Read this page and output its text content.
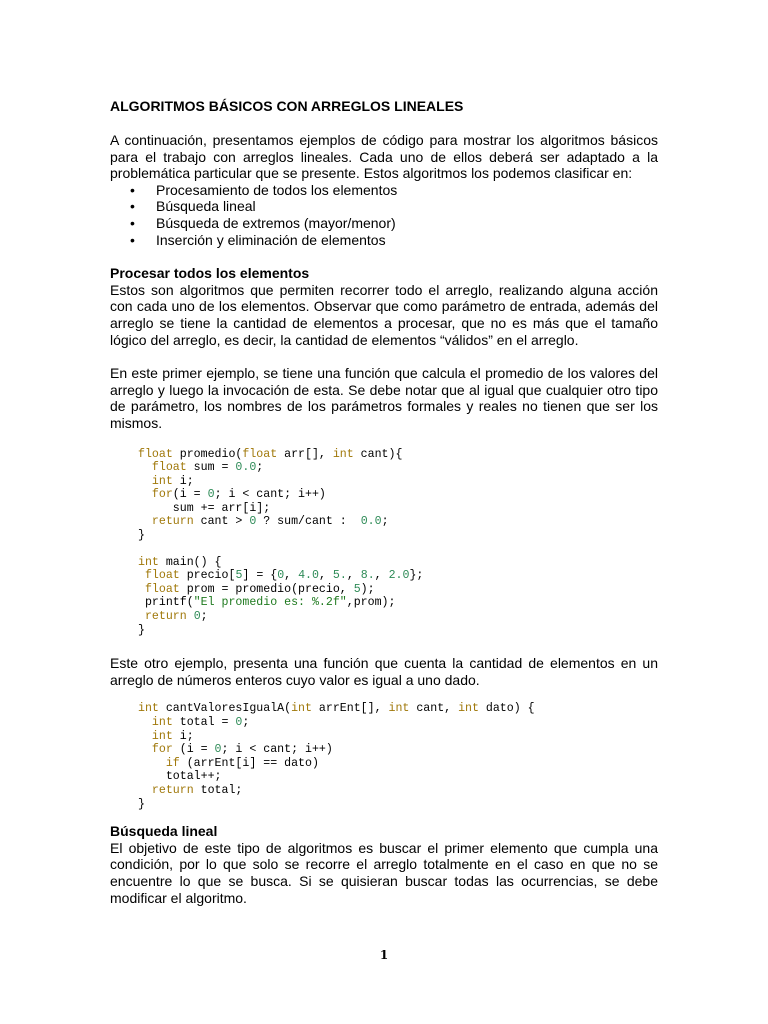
ALGORITMOS BÁSICOS CON ARREGLOS LINEALES

A continuación, presentamos ejemplos de código para mostrar los algoritmos básicos para el trabajo con arreglos lineales. Cada uno de ellos deberá ser adaptado a la problemática particular que se presente. Estos algoritmos los podemos clasificar en:

• Procesamiento de todos los elementos
• Búsqueda lineal
• Búsqueda de extremos (mayor/menor)
• Inserción y eliminación de elementos

Procesar todos los elementos

Estos son algoritmos que permiten recorrer todo el arreglo, realizando alguna acción con cada uno de los elementos. Observar que como parámetro de entrada, además del arreglo se tiene la cantidad de elementos a procesar, que no es más que el tamaño lógico del arreglo, es decir, la cantidad de elementos “válidos” en el arreglo.

En este primer ejemplo, se tiene una función que calcula el promedio de los valores del arreglo y luego la invocación de esta. Se debe notar que al igual que cualquier otro tipo de parámetro, los nombres de los parámetros formales y reales no tienen que ser los mismos.

float promedio(float arr[], int cant){
float sum = 0.0;
int i;
for(i = 0; i < cant; i++)
sum += arr[i];
return cant > 0 ? sum/cant :  0.0;
}
int main() {
float precio[5] = {0, 4.0, 5., 8., 2.0};
float prom = promedio(precio, 5);
printf("El promedio es: %.2f",prom);
return 0;
}

Este otro ejemplo, presenta una función que cuenta la cantidad de elementos en un arreglo de números enteros cuyo valor es igual a uno dado.

int cantValoresIgualA(int arrEnt[], int cant, int dato) {
int total = 0;
int i;
for (i = 0; i < cant; i++)
if (arrEnt[i] == dato)
total++;
return total;
}

Búsqueda lineal

El objetivo de este tipo de algoritmos es buscar el primer elemento que cumpla una condición, por lo que solo se recorre el arreglo totalmente en el caso en que no se encuentre lo que se busca. Si se quisieran buscar todas las ocurrencias, se debe modificar el algoritmo.

1
